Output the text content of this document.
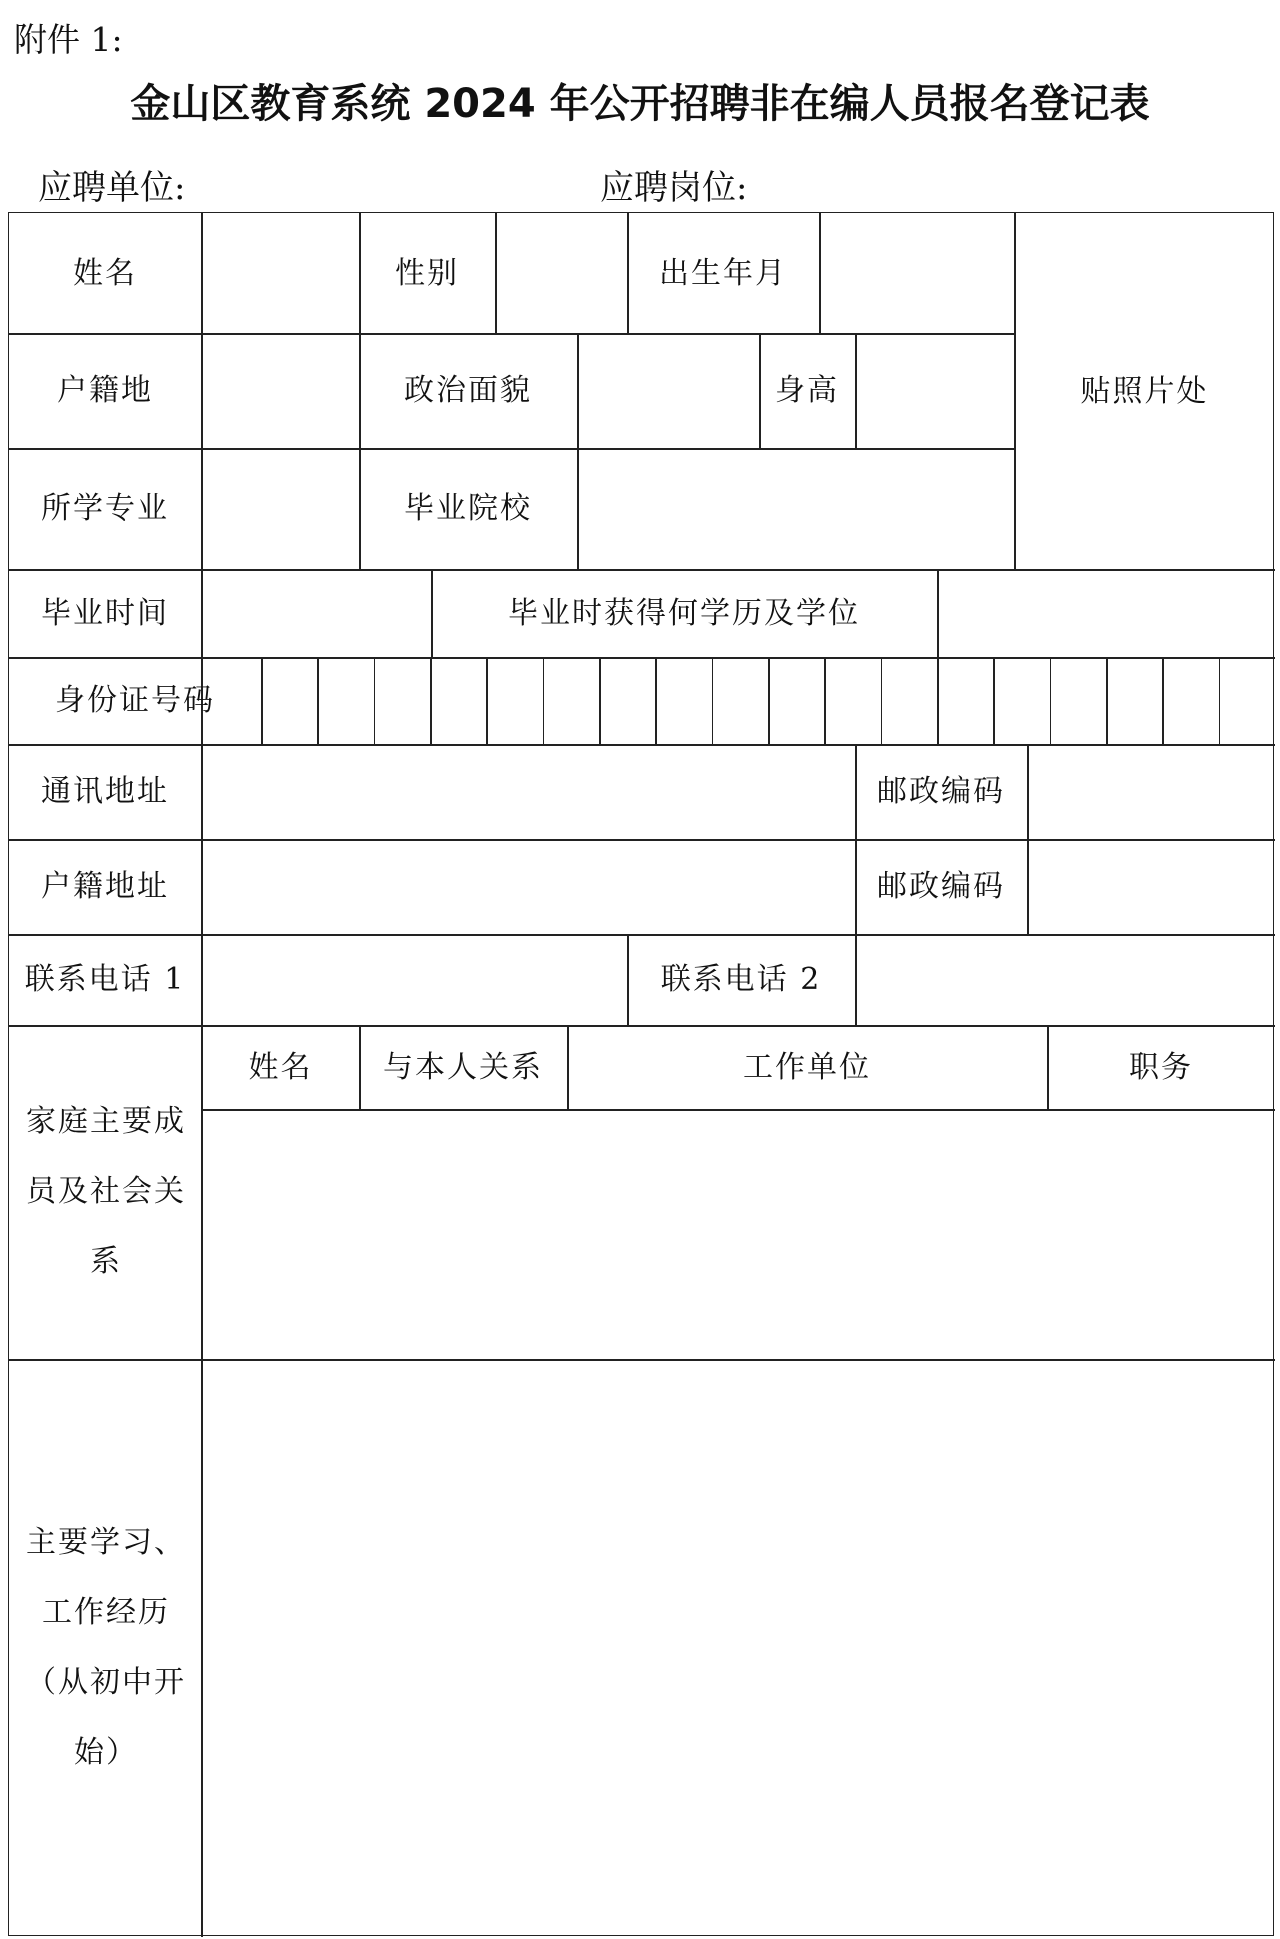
附件 1:
金山区教育系统 2024 年公开招聘非在编人员报名登记表
应聘单位:	应聘岗位:
姓名	性别	出生年月
贴照片处
户籍地	政治面貌	身高
所学专业	毕业院校
毕业时间	毕业时获得何学历及学位
身份证号码
通讯地址	邮政编码
户籍地址	邮政编码
联系电话 1	联系电话 2
家庭主要成员及社会关系
姓名	与本人关系	工作单位	职务
主要学习、工作经历（从初中开始）
